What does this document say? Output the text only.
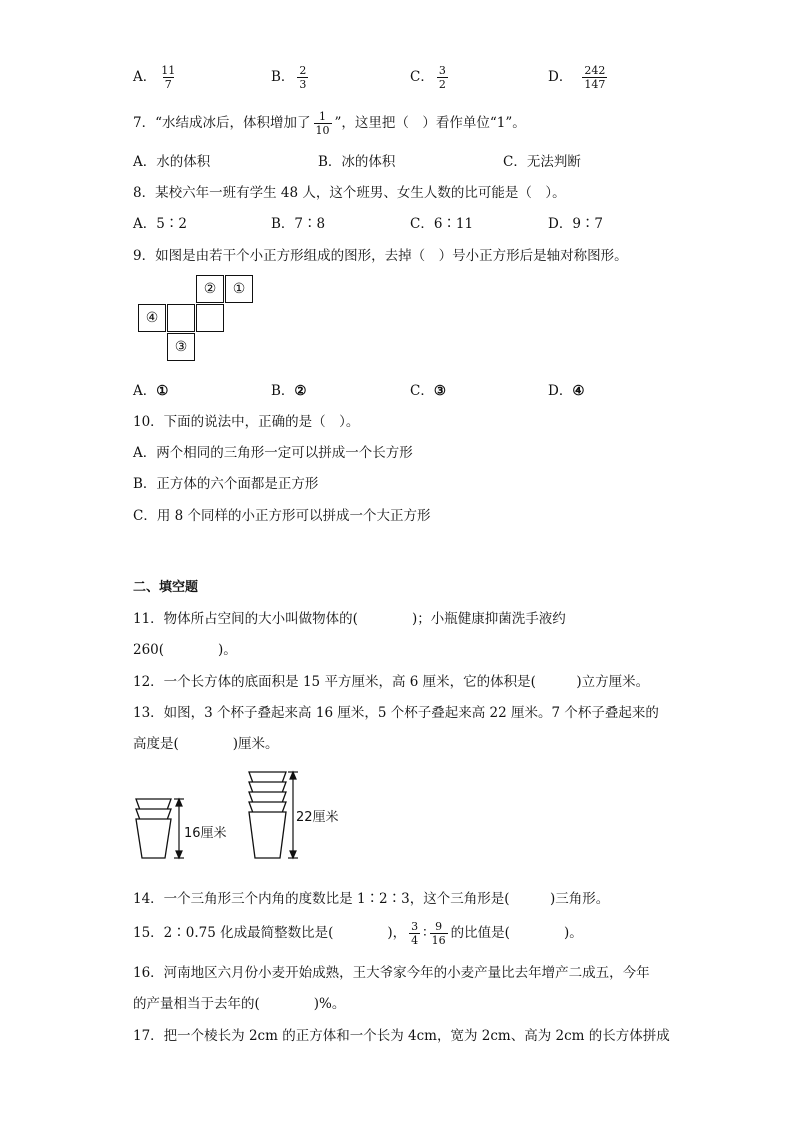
A． $\frac{11}{7}$	B． $\frac{2}{3}$	C． $\frac{3}{2}$	D． $\frac{242}{147}$
7．“水结成冰后，体积增加了 $\frac{1}{10}$ ”，这里把（　）看作单位“1”。
A．水的体积	B．冰的体积	C．无法判断
8．某校六年一班有学生 48 人，这个班男、女生人数的比可能是（　）。
A．5∶2	B．7∶8	C．6∶11	D．9∶7
9．如图是由若干个小正方形组成的图形，去掉（　）号小正方形后是轴对称图形。
②	①
④
③
A．①	B．②	C．③	D．④
10．下面的说法中，正确的是（　）。
A．两个相同的三角形一定可以拼成一个长方形
B．正方体的六个面都是正方形
C．用 8 个同样的小正方形可以拼成一个大正方形
二、填空题
11．物体所占空间的大小叫做物体的(　　　　)；小瓶健康抑菌洗手液约
260(　　　　)。
12．一个长方体的底面积是 15 平方厘米，高 6 厘米，它的体积是(　　　)立方厘米。
13．如图，3 个杯子叠起来高 16 厘米，5 个杯子叠起来高 22 厘米。7 个杯子叠起来的
高度是(　　　　)厘米。
16厘米
22厘米
14．一个三角形三个内角的度数比是 1∶2∶3，这个三角形是(　　　)三角形。
15．2∶0.75 化成最简整数比是(　　　　)， $\frac{3}{4}$ ∶ $\frac{9}{16}$ 的比值是(　　　　)。
16．河南地区六月份小麦开始成熟，王大爷家今年的小麦产量比去年增产二成五，今年
的产量相当于去年的(　　　　)%。
17．把一个棱长为 2cm 的正方体和一个长为 4cm，宽为 2cm、高为 2cm 的长方体拼成
